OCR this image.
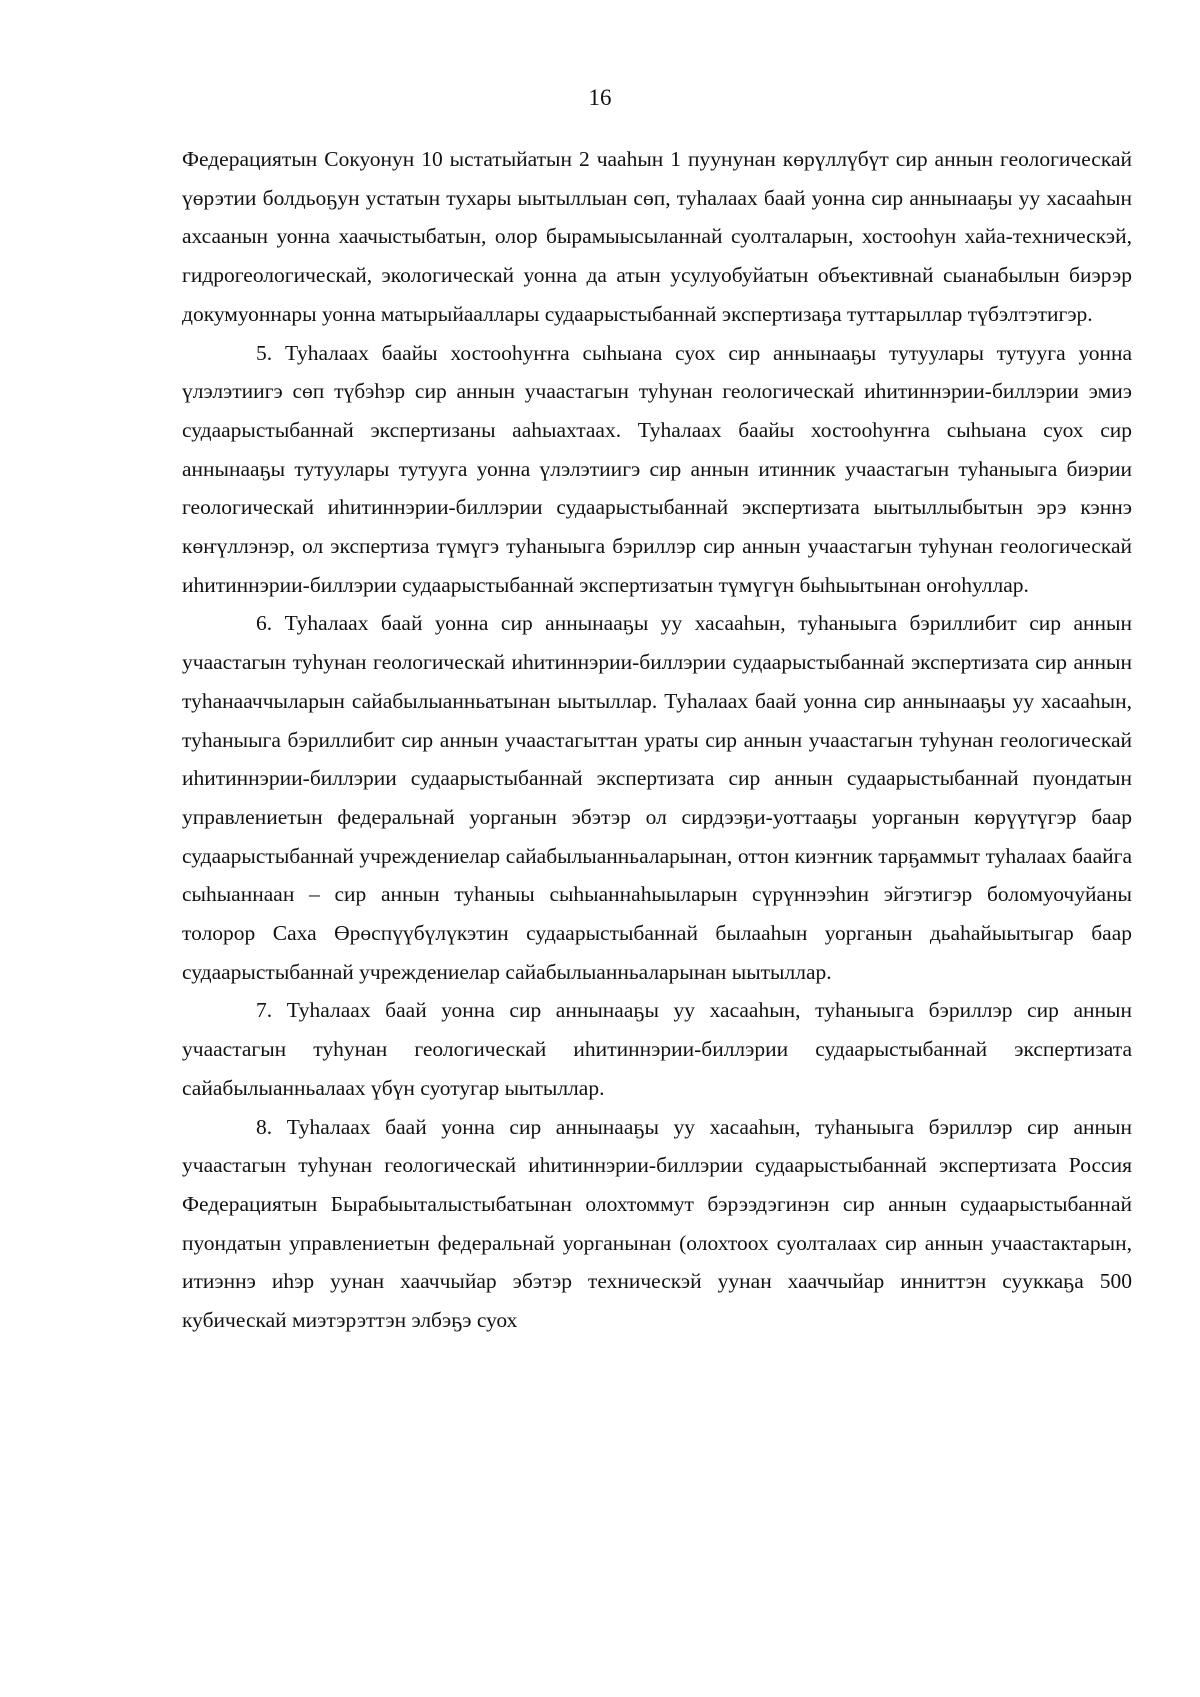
16

Федерациятын Сокуонун 10 ыстатыйатын 2 чааһын 1 пуунунан көрүллүбүт сир аннын геологическай үөрэтии болдьоҕун устатын тухары ыытыллыан сөп, туһалаах баай уонна сир аннынааҕы уу хасааһын ахсаанын уонна хаачыстыбатын, олор бырамыысыланнай суолталарын, хостооһун хайа-техническэй, гидрогеологическай, экологическай уонна да атын усулуобуйатын объективнай сыанабылын биэрэр докумуоннары уонна матырыйааллары судаарыстыбаннай экспертизаҕа туттарыллар түбэлтэтигэр.

5. Туһалаах баайы хостооһуҥҥа сыһыана суох сир аннынааҕы тутуулары тутууга уонна үлэлэтиигэ сөп түбэһэр сир аннын учаастагын туһунан геологическай иһитиннэрии-биллэрии эмиэ судаарыстыбаннай экспертизаны ааһыахтаах. Туһалаах баайы хостооһуҥҥа сыһыана суох сир аннынааҕы тутуулары тутууга уонна үлэлэтиигэ сир аннын итинник учаастагын туһаныыга биэрии геологическай иһитиннэрии-биллэрии судаарыстыбаннай экспертизата ыытыллыбытын эрэ кэннэ көҥүллэнэр, ол экспертиза түмүгэ туһаныыга бэриллэр сир аннын учаастагын туһунан геологическай иһитиннэрии-биллэрии судаарыстыбаннай экспертизатын түмүгүн быһыытынан оҥоһуллар.

6. Туһалаах баай уонна сир аннынааҕы уу хасааһын, туһаныыга бэриллибит сир аннын учаастагын туһунан геологическай иһитиннэрии-биллэрии судаарыстыбаннай экспертизата сир аннын туһанааччыларын сайабылыанньатынан ыытыллар. Туһалаах баай уонна сир аннынааҕы уу хасааһын, туһаныыга бэриллибит сир аннын учаастагыттан ураты сир аннын учаастагын туһунан геологическай иһитиннэрии-биллэрии судаарыстыбаннай экспертизата сир аннын судаарыстыбаннай пуондатын управлениетын федеральнай уорганын эбэтэр ол сирдээҕи-уоттааҕы уорганын көрүүтүгэр баар судаарыстыбаннай учреждениелар сайабылыанньаларынан, оттон киэҥник тарҕаммыт туһалаах баайга сыһыаннаан – сир аннын туһаныы сыһыаннаһыыларын сүрүннээһин эйгэтигэр боломуочуйаны толорор Саха Өрөспүүбүлүкэтин судаарыстыбаннай былааһын уорганын дьаһайыытыгар баар судаарыстыбаннай учреждениелар сайабылыанньаларынан ыытыллар.

7. Туһалаах баай уонна сир аннынааҕы уу хасааһын, туһаныыга бэриллэр сир аннын учаастагын туһунан геологическай иһитиннэрии-биллэрии судаарыстыбаннай экспертизата сайабылыанньалаах үбүн суотугар ыытыллар.

8. Туһалаах баай уонна сир аннынааҕы уу хасааһын, туһаныыга бэриллэр сир аннын учаастагын туһунан геологическай иһитиннэрии-биллэрии судаарыстыбаннай экспертизата Россия Федерациятын Бырабыыталыстыбатынан олохтоммут бэрээдэгинэн сир аннын судаарыстыбаннай пуондатын управлениетын федеральнай уорганынан (олохтоох суолталаах сир аннын учаастактарын, итиэннэ иһэр уунан хааччыйар эбэтэр техническэй уунан хааччыйар инниттэн сууккаҕа 500 кубическай миэтэрэттэн элбэҕэ суох
